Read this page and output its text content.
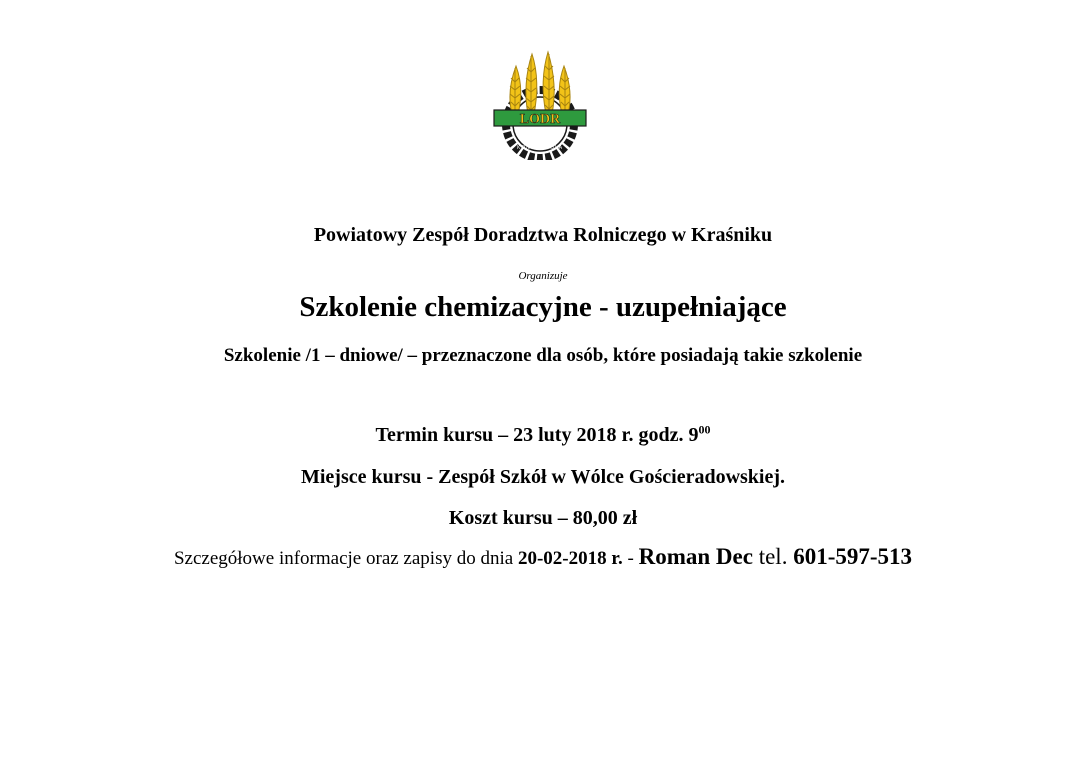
LODR
KOŃSKOWOLA
Powiatowy Zespół Doradztwa Rolniczego w Kraśniku
Organizuje
Szkolenie chemizacyjne - uzupełniające
Szkolenie /1 – dniowe/ – przeznaczone dla osób, które posiadają takie szkolenie
Termin kursu – 23 luty 2018 r. godz. $9^{00}$
Miejsce kursu - Zespół Szkół w Wólce Gościeradowskiej.
Koszt kursu – 80,00 zł
Szczegółowe informacje oraz zapisy do dnia 20-02-2018 r. - Roman Dec tel. 601-597-513
